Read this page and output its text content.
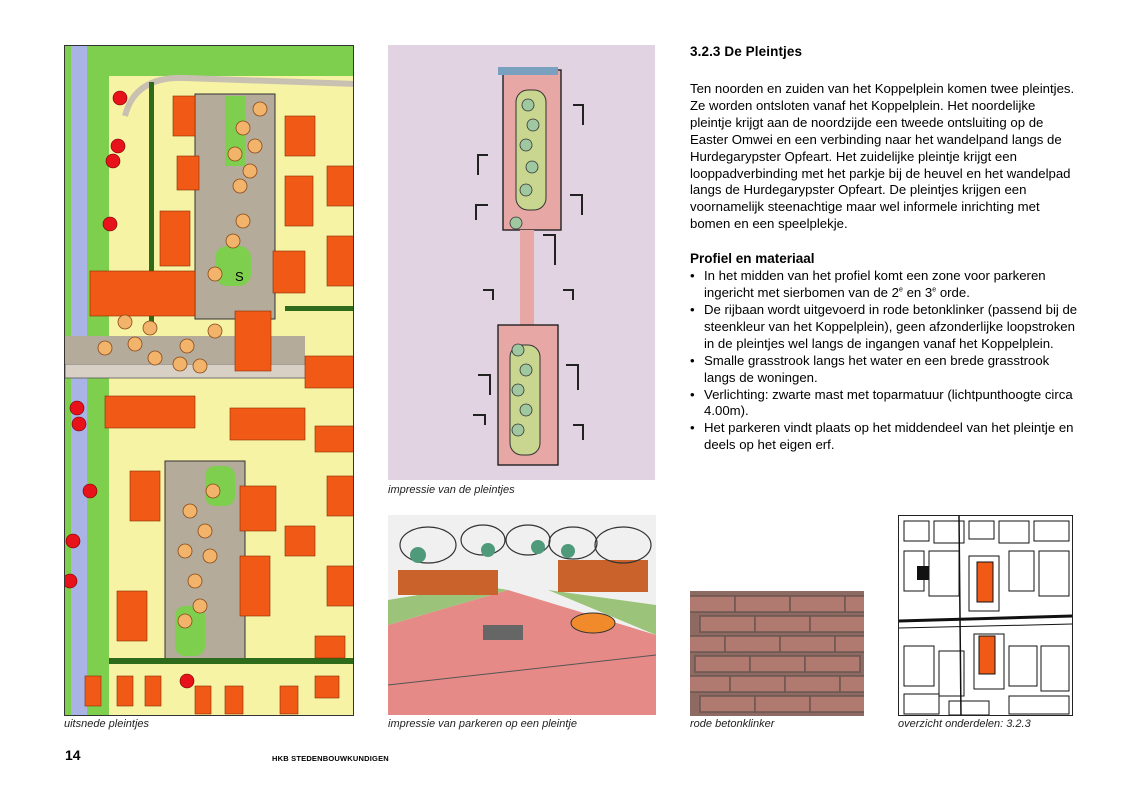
S
uitsnede pleintjes
impressie van de pleintjes
impressie van parkeren op een pleintje	rode betonklinker	overzicht onderdelen: 3.2.3
3.2.3 De Pleintjes

Ten noorden en zuiden van het Koppelplein komen twee pleintjes. Ze worden ontsloten vanaf het Koppelplein. Het noordelijke pleintje krijgt aan de noordzijde een tweede ontsluiting op de Easter Omwei en een verbinding naar het wandelpand langs de Hurdegarypster Opfeart. Het zuidelijke pleintje krijgt een looppadverbinding met het parkje bij de heuvel en het wandelpad langs de Hurdegarypster Opfeart. De pleintjes krijgen een voornamelijk steenachtige maar wel informele inrichting met bomen en een speelplekje.

Profiel en materiaal
• In het midden van het profiel komt een zone voor parkeren ingericht met sierbomen van de 2e en 3e orde.
• De rijbaan wordt uitgevoerd in rode betonklinker (passend bij de steenkleur van het Koppelplein), geen afzonderlijke loopstroken in de pleintjes wel langs de ingangen vanaf het Koppelplein.
• Smalle grasstrook langs het water en een brede grasstrook langs de woningen.
• Verlichting: zwarte mast met toparmatuur (lichtpunthoogte circa 4.00m).
• Het parkeren vindt plaats op het middendeel van het pleintje en deels op het eigen erf.
14	HKB STEDENBOUWKUNDIGEN
